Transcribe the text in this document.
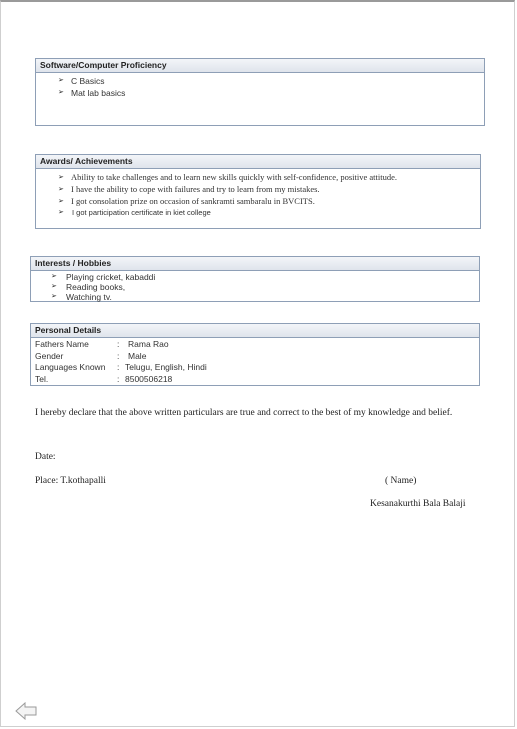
Software/Computer Proficiency
➢ C Basics
➢ Mat lab basics
Awards/ Achievements
➢ Ability to take challenges and to learn new skills quickly with self-confidence, positive attitude.
➢ I have the ability to cope with failures and try to learn from my mistakes.
➢ I got consolation prize on occasion of sankramti sambaralu in BVCITS.
➢ I got participation certificate in kiet college
Interests / Hobbies
➢ Playing cricket, kabaddi
➢ Reading books,
➢ Watching tv.
Personal Details
Fathers Name	:	Rama Rao
Gender	:	Male
Languages Known	: Telugu, English, Hindi
Tel.	: 8500506218
I hereby declare that the above written particulars are true and correct to the best of my knowledge and belief.
Date:
Place: T.kothapalli	( Name)
Kesanakurthi Bala Balaji
